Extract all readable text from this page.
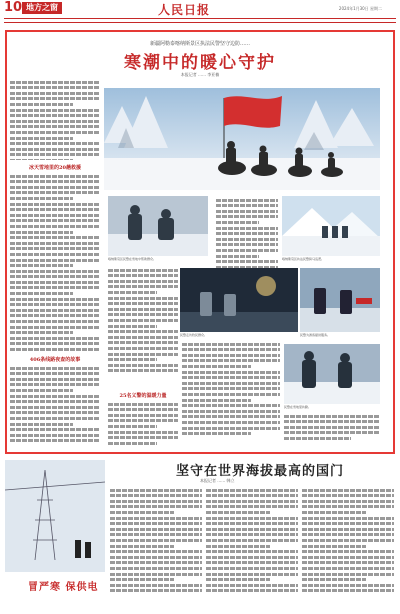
10 地方之窗	人民日报	2024年1月30日 星期二
新疆阿勒泰喀纳斯景区执法民警坚守边防……
寒潮中的暖心守护
本报记者 …… 李亚楠
冰天雪地里的20趟救援
406条线路夜查的故事
喀纳斯景区民警在雪地中帮助群众。	喀纳斯景区执法民警骑马巡逻。
民警走访牧民群众。	民警为游客提供服务。
25名义警的温暖力量
民警在雪地里执勤。
坚守在世界海拔最高的国门
本报记者 …… 韩立
冒严寒 保供电
